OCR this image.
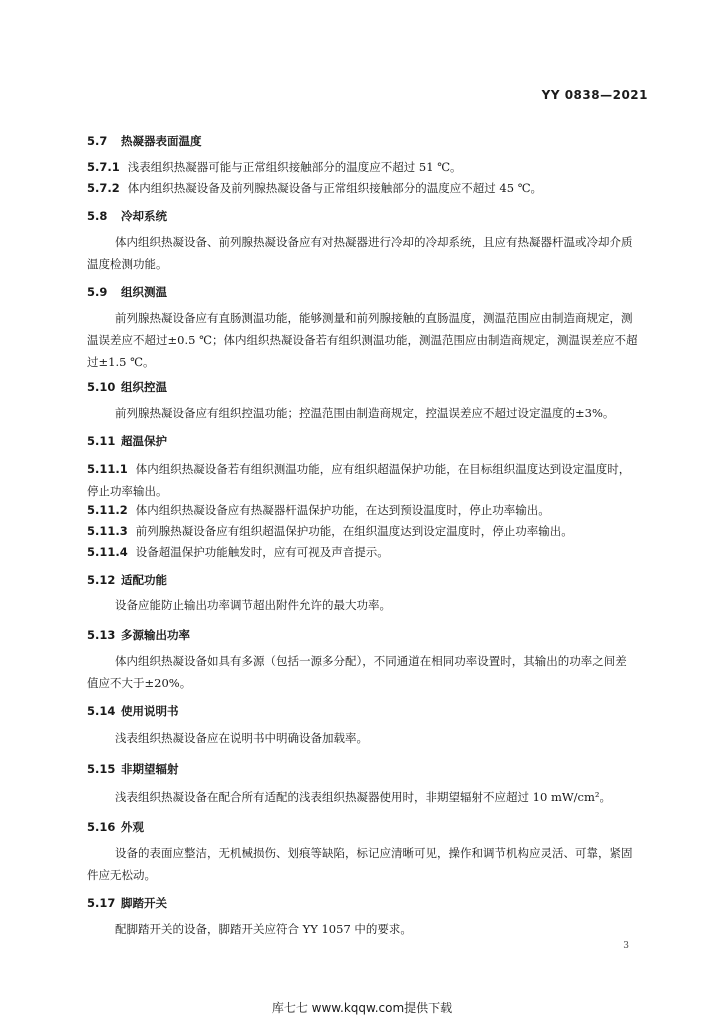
YY 0838—2021
5.7 热凝器表面温度
5.7.1 浅表组织热凝器可能与正常组织接触部分的温度应不超过 51 ℃。
5.7.2 体内组织热凝设备及前列腺热凝设备与正常组织接触部分的温度应不超过 45 ℃。
5.8 冷却系统
体内组织热凝设备、前列腺热凝设备应有对热凝器进行冷却的冷却系统，且应有热凝器杆温或冷却介质温度检测功能。
5.9 组织测温
前列腺热凝设备应有直肠测温功能，能够测量和前列腺接触的直肠温度，测温范围应由制造商规定，测温误差应不超过±0.5 ℃；体内组织热凝设备若有组织测温功能，测温范围应由制造商规定，测温误差应不超过±1.5 ℃。
5.10 组织控温
前列腺热凝设备应有组织控温功能；控温范围由制造商规定，控温误差应不超过设定温度的±3%。
5.11 超温保护
5.11.1 体内组织热凝设备若有组织测温功能，应有组织超温保护功能，在目标组织温度达到设定温度时，停止功率输出。
5.11.2 体内组织热凝设备应有热凝器杆温保护功能，在达到预设温度时，停止功率输出。
5.11.3 前列腺热凝设备应有组织超温保护功能，在组织温度达到设定温度时，停止功率输出。
5.11.4 设备超温保护功能触发时，应有可视及声音提示。
5.12 适配功能
设备应能防止输出功率调节超出附件允许的最大功率。
5.13 多源输出功率
体内组织热凝设备如具有多源（包括一源多分配），不同通道在相同功率设置时，其输出的功率之间差值应不大于±20%。
5.14 使用说明书
浅表组织热凝设备应在说明书中明确设备加载率。
5.15 非期望辐射
浅表组织热凝设备在配合所有适配的浅表组织热凝器使用时，非期望辐射不应超过 10 mW/cm²。
5.16 外观
设备的表面应整洁，无机械损伤、划痕等缺陷，标记应清晰可见，操作和调节机构应灵活、可靠，紧固件应无松动。
5.17 脚踏开关
配脚踏开关的设备，脚踏开关应符合 YY 1057 中的要求。
3
库七七 www.kqqw.com提供下载
